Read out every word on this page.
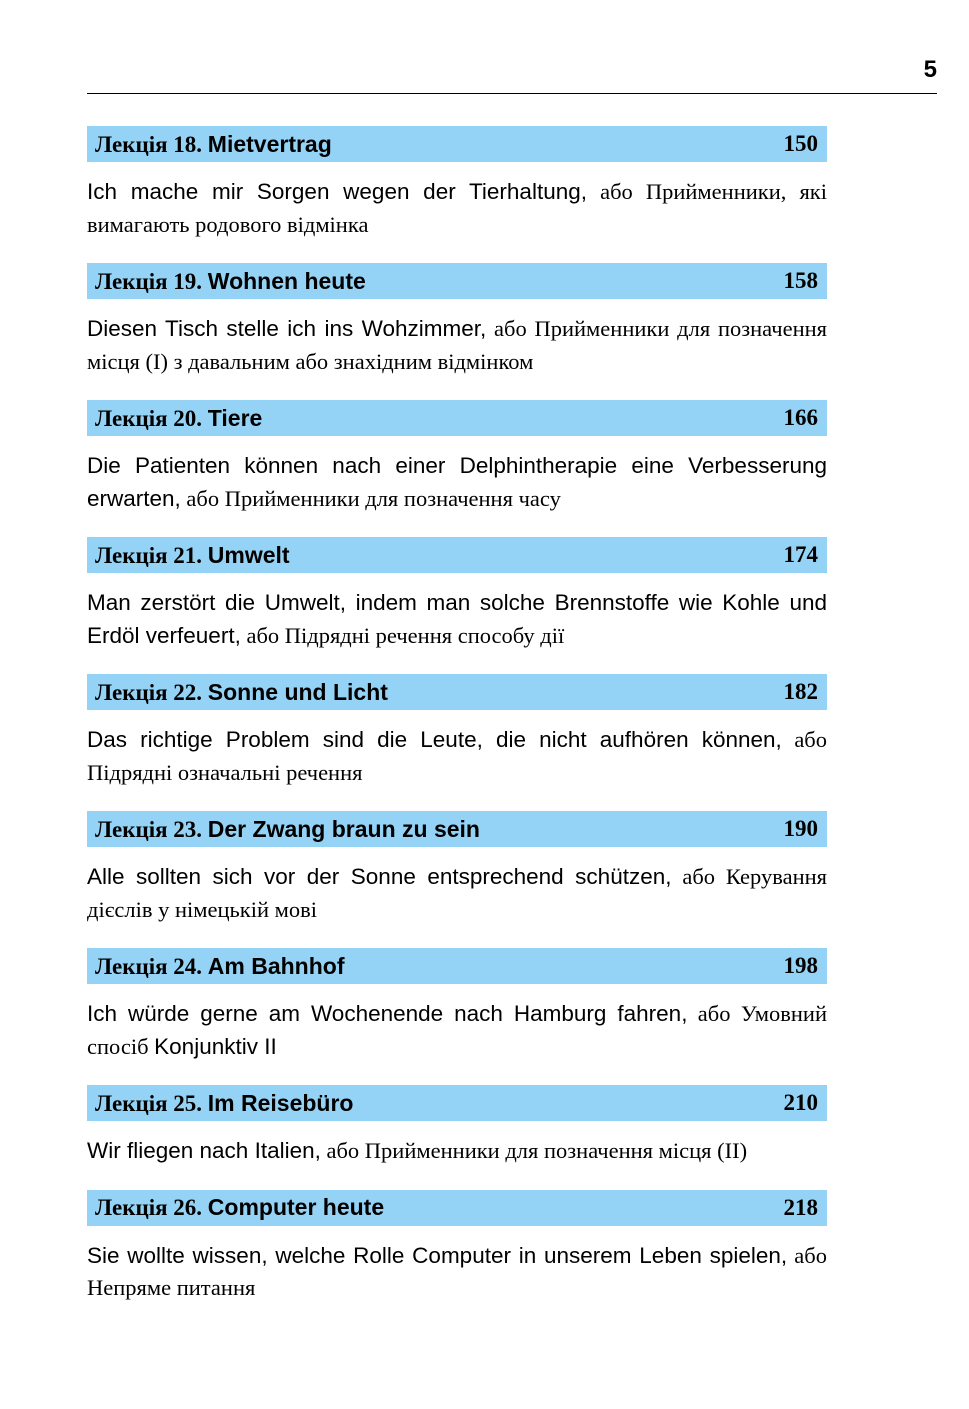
5
Лекція 18. Mietvertrag	150

Ich mache mir Sorgen wegen der Tierhaltung, або Прийменники, які вимагають родового відмінка

Лекція 19. Wohnen heute	158

Diesen Tisch stelle ich ins Wohzimmer, або Прийменники для позначення місця (I) з давальним або знахідним відмінком

Лекція 20. Tiere	166

Die Patienten können nach einer Delphintherapie eine Verbesserung erwarten, або Прийменники для позначення часу

Лекція 21. Umwelt	174

Man zerstört die Umwelt, indem man solche Brennstoffe wie Kohle und Erdöl verfeuert, або Підрядні речення способу дії

Лекція 22. Sonne und Licht	182

Das richtige Problem sind die Leute, die nicht aufhören können, або Підрядні означальні речення

Лекція 23. Der Zwang braun zu sein	190

Alle sollten sich vor der Sonne entsprechend schützen, або Керування дієслів у німецькій мові

Лекція 24. Am Bahnhof	198

Ich würde gerne am Wochenende nach Hamburg fahren, або Умовний спосіб Konjunktiv II

Лекція 25. Im Reisebüro	210

Wir fliegen nach Italien, або Прийменники для позначення місця (II)

Лекція 26. Computer heute	218

Sie wollte wissen, welche Rolle Computer in unserem Leben spielen, або Непряме питання
